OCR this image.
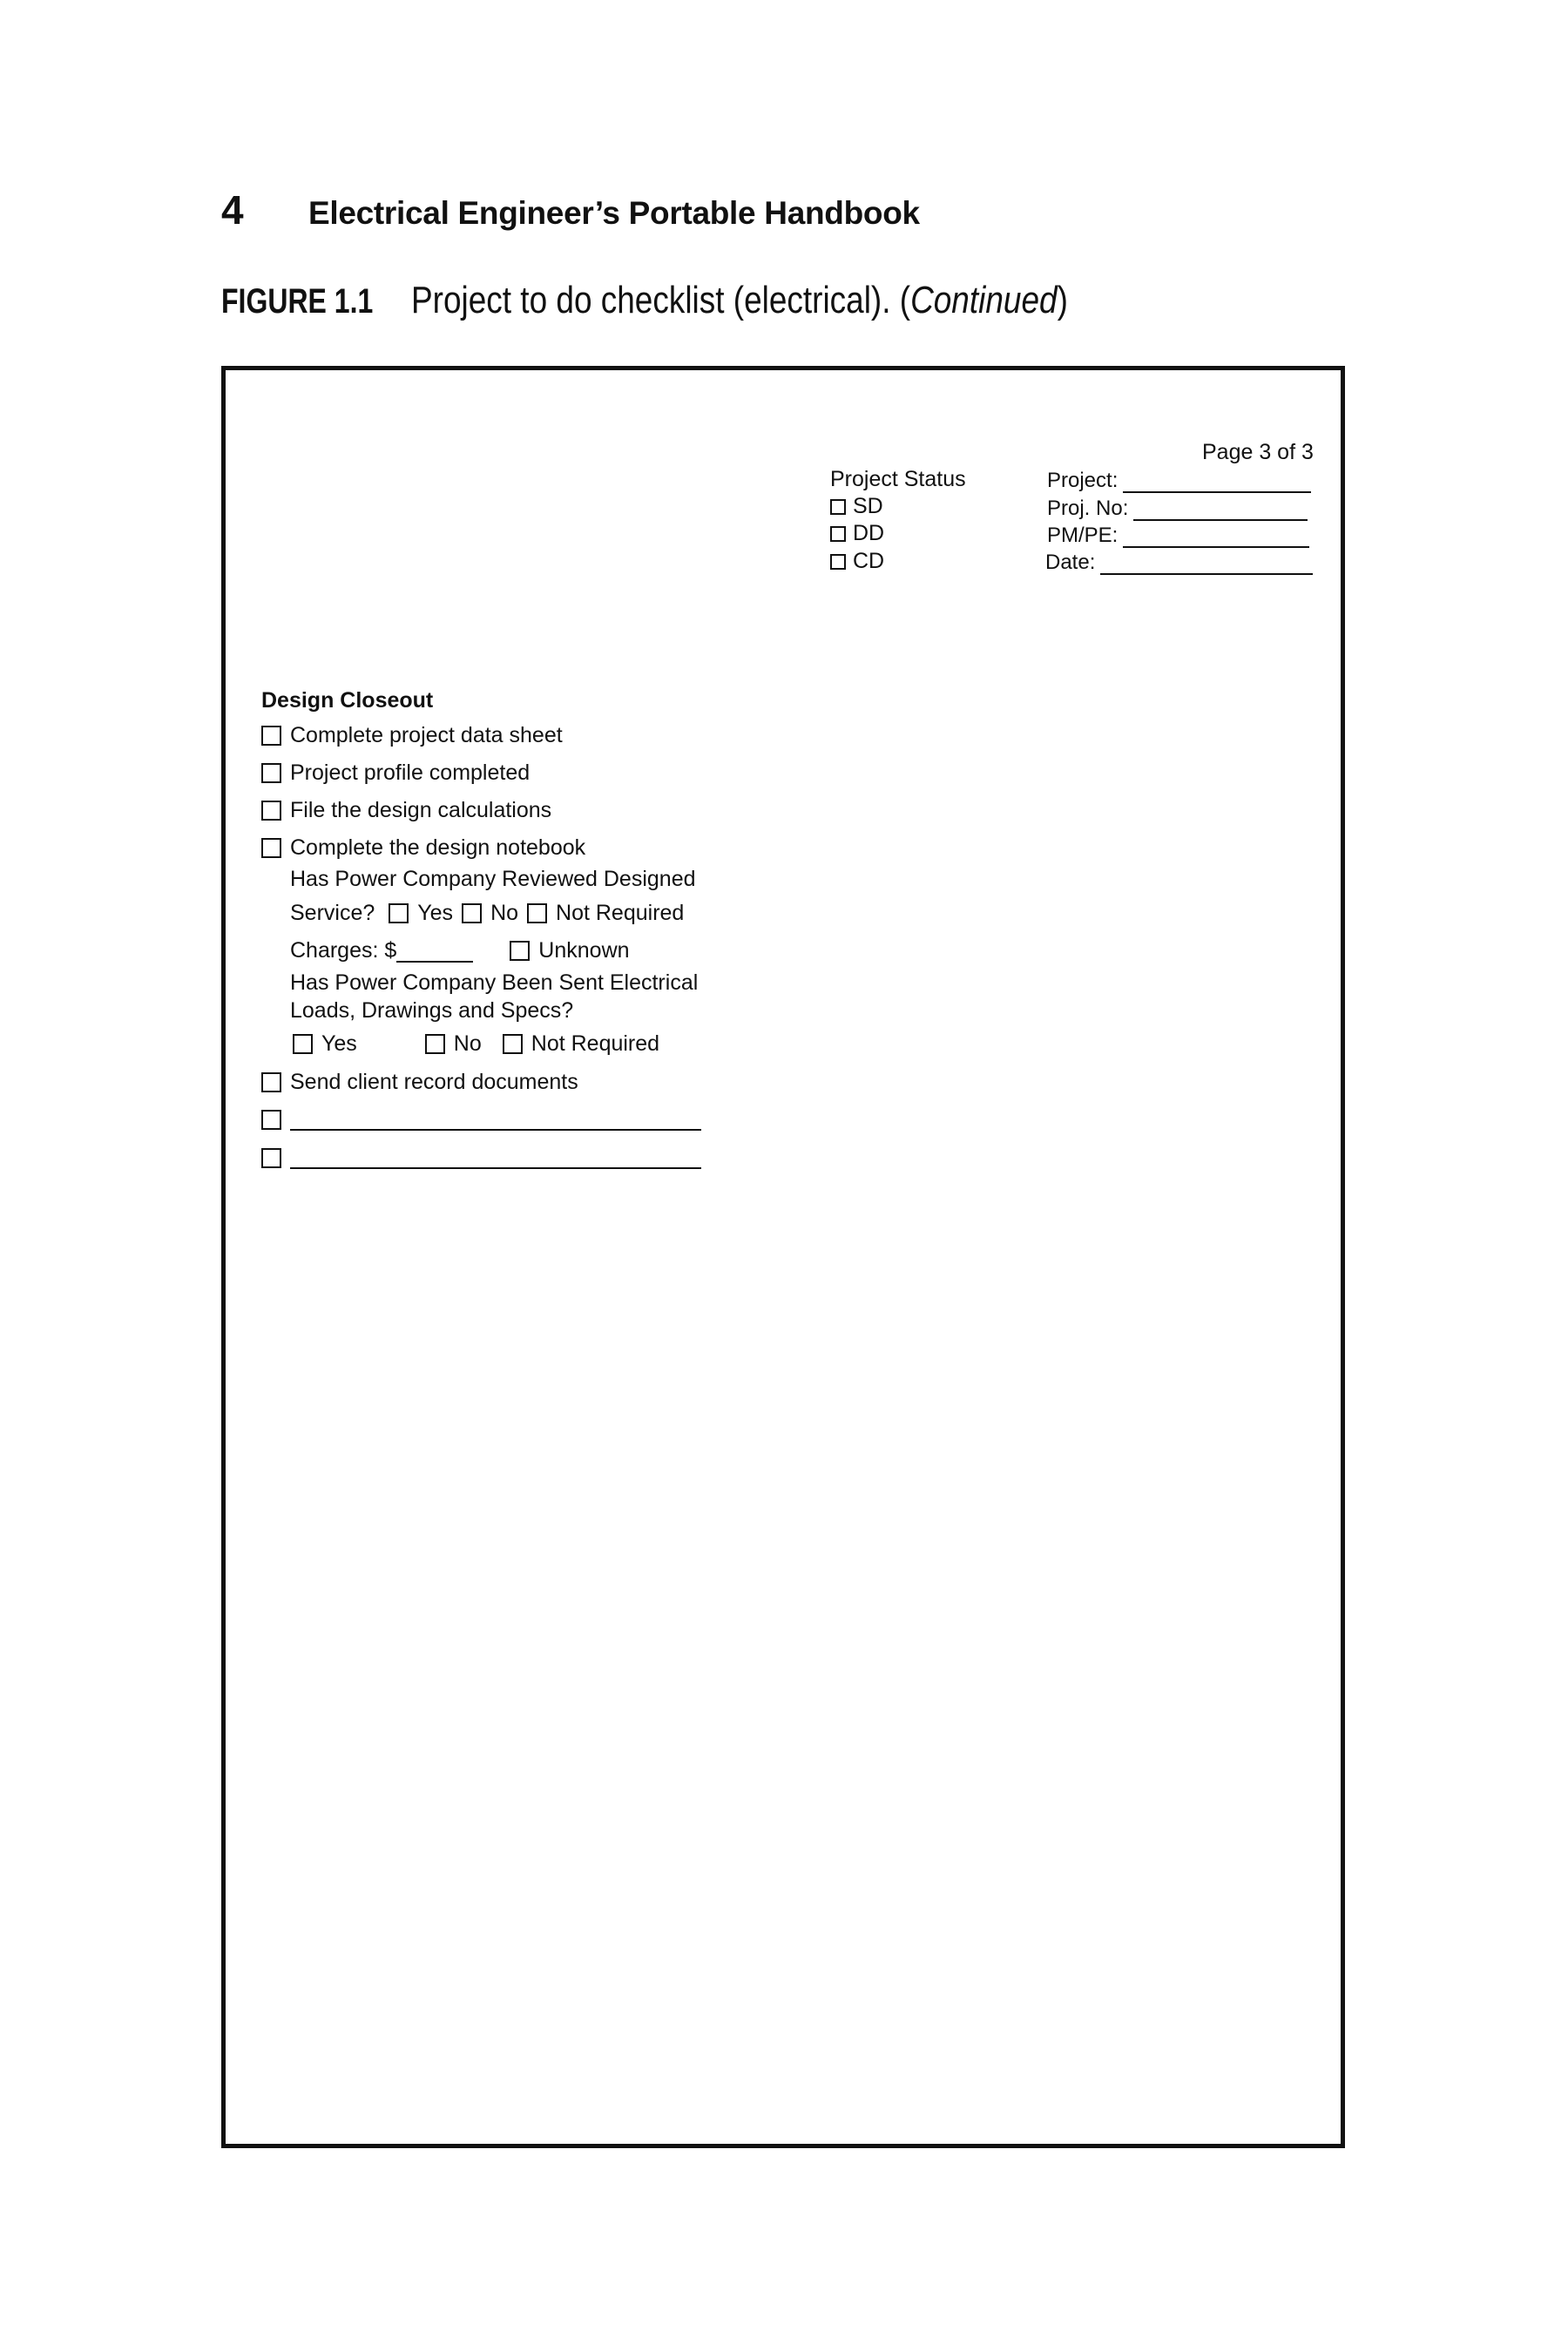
4	Electrical Engineer’s Portable Handbook
FIGURE 1.1 Project to do checklist (electrical). (Continued)
Page 3 of 3
Project Status
SD
DD
CD
Project:
Proj. No:
PM/PE:
Date:
Design Closeout
Complete project data sheet
Project profile completed
File the design calculations
Complete the design notebook
Has Power Company Reviewed Designed
Service? Yes No Not Required
Charges: $	Unknown
Has Power Company Been Sent Electrical
Loads, Drawings and Specs?
Yes	No Not Required
Send client record documents
